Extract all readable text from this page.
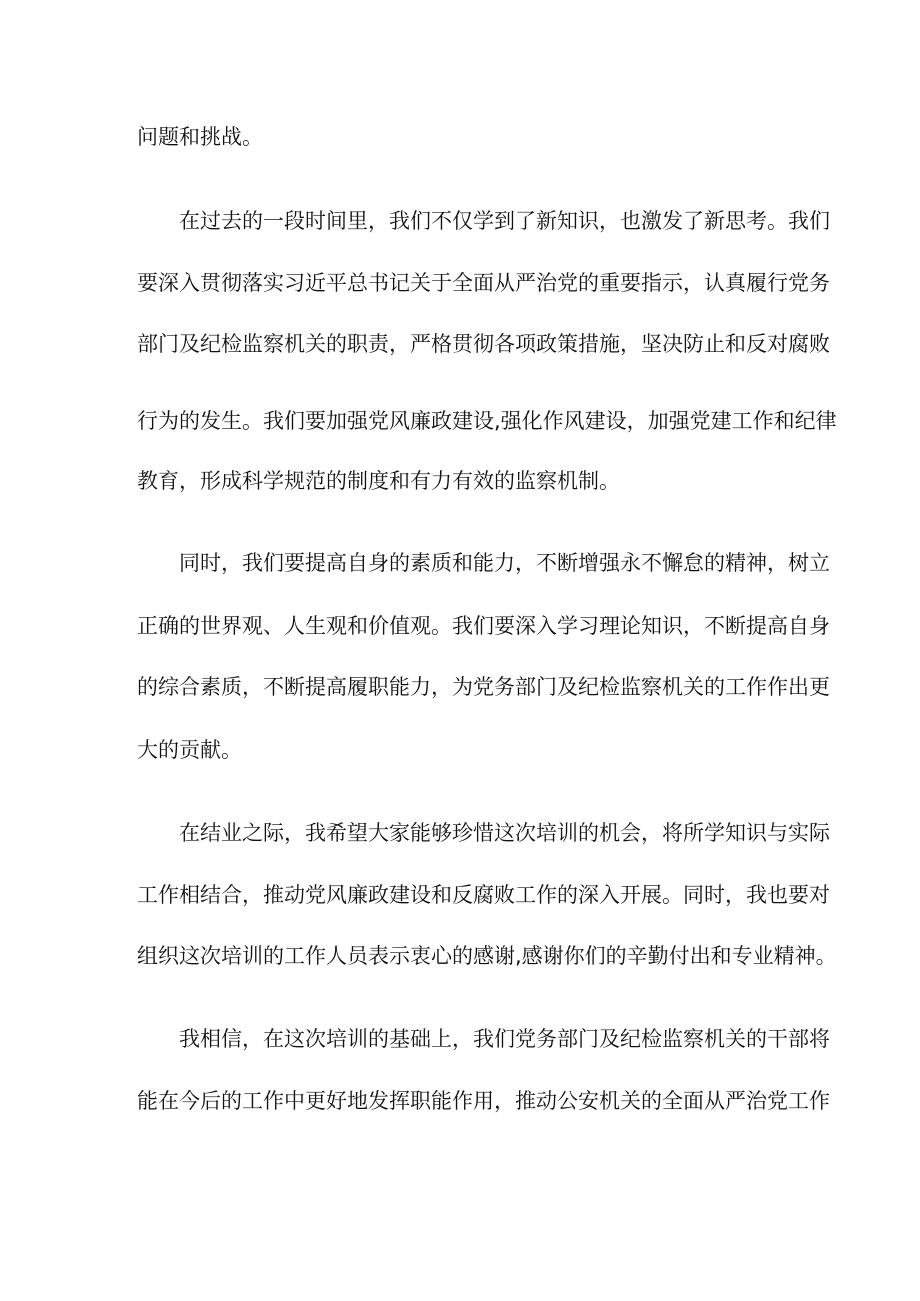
问题和挑战。
在过去的一段时间里，我们不仅学到了新知识，也激发了新思考。我们
要深入贯彻落实习近平总书记关于全面从严治党的重要指示，认真履行党务
部门及纪检监察机关的职责，严格贯彻各项政策措施，坚决防止和反对腐败
行为的发生。我们要加强党风廉政建设,强化作风建设，加强党建工作和纪律
教育，形成科学规范的制度和有力有效的监察机制。
同时，我们要提高自身的素质和能力，不断增强永不懈怠的精神，树立
正确的世界观、人生观和价值观。我们要深入学习理论知识，不断提高自身
的综合素质，不断提高履职能力，为党务部门及纪检监察机关的工作作出更
大的贡献。
在结业之际，我希望大家能够珍惜这次培训的机会，将所学知识与实际
工作相结合，推动党风廉政建设和反腐败工作的深入开展。同时，我也要对
组织这次培训的工作人员表示衷心的感谢,感谢你们的辛勤付出和专业精神。
我相信，在这次培训的基础上，我们党务部门及纪检监察机关的干部将
能在今后的工作中更好地发挥职能作用，推动公安机关的全面从严治党工作
